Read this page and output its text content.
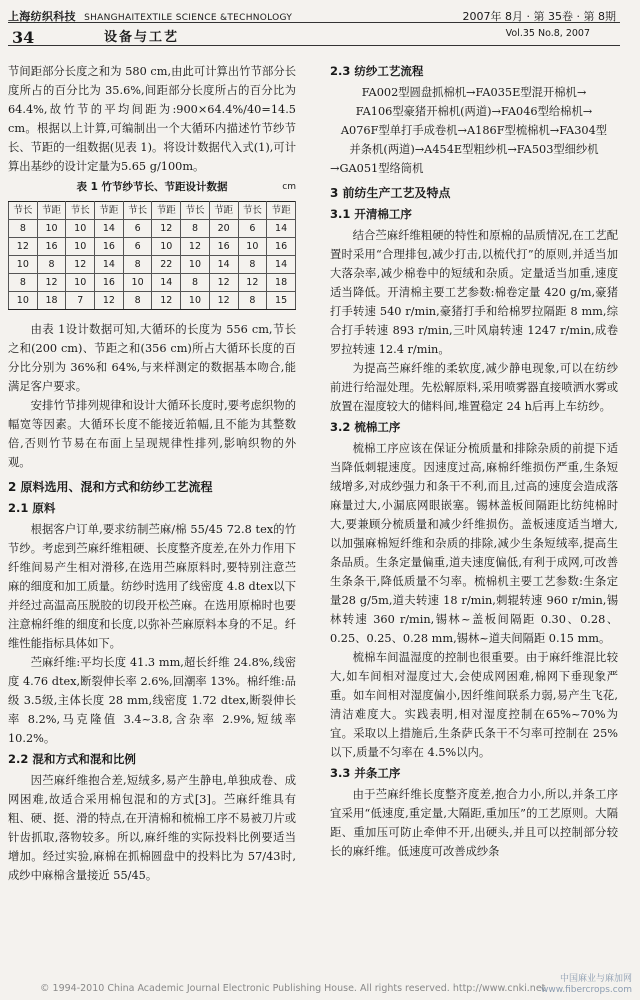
上海纺织科技 SHANGHAITEXTILE SCIENCE &TECHNOLOGY	2007年 8月 · 第 35卷 · 第 8期
34	设备与工艺	Vol.35 No.8, 2007

节间距部分长度之和为 580 cm,由此可计算出竹节部分长度所占的百分比为 35.6%,间距部分长度所占的百分比为 64.4%,故竹节的平均间距为:900×64.4%/40=14.5 cm。根据以上计算,可编制出一个大循环内描述竹节纱节长、节距的一组数据(见表 1)。将设计数据代入式(1),可计算出基纱的设计定量为5.65 g/100m。

表 1 竹节纱节长、节距设计数据	cm
节长	节距	节长	节距	节长	节距	节长	节距	节长	节距
8	10	10	14	6	12	8	20	6	14
12	16	10	16	6	10	12	16	10	16
10	8	12	14	8	22	10	14	8	14
8	12	10	16	10	14	8	12	12	18
10	18	7	12	8	12	10	12	8	15

由表 1设计数据可知,大循环的长度为 556 cm,节长之和(200 cm)、节距之和(356 cm)所占大循环长度的百分比分别为 36%和 64%,与来样测定的数据基本吻合,能满足客户要求。

安排竹节排列规律和设计大循环长度时,要考虑织物的幅宽等因素。大循环长度不能接近筘幅,且不能为其整数倍,否则竹节易在布面上呈现规律性排列,影响织物的外观。

2 原料选用、混和方式和纺纱工艺流程
2.1 原料

根据客户订单,要求纺制苎麻/棉 55/45 72.8 tex的竹节纱。考虑到苎麻纤维粗硬、长度整齐度差,在外力作用下纤维间易产生相对滑移,在选用苎麻原料时,要特别注意苎麻的细度和加工质量。纺纱时选用了线密度 4.8 dtex以下并经过高温高压脱胶的切段开松苎麻。在选用原棉时也要注意棉纤维的细度和长度,以弥补苎麻原料本身的不足。纤维性能指标具体如下。

苎麻纤维:平均长度 41.3 mm,超长纤维 24.8%,线密度 4.76 dtex,断裂伸长率 2.6%,回潮率 13%。棉纤维:品级 3.5级,主体长度 28 mm,线密度 1.72 dtex,断裂伸长率 8.2%,马克隆值 3.4~3.8,含杂率 2.9%,短绒率 10.2%。

2.2 混和方式和混和比例

因苎麻纤维抱合差,短绒多,易产生静电,单独成卷、成网困难,故适合采用棉包混和的方式[3]。苎麻纤维具有粗、硬、挺、滑的特点,在开清棉和梳棉工序不易被刀片或针齿抓取,落物较多。所以,麻纤维的实际投料比例要适当增加。经过实验,麻棉在抓棉圆盘中的投料比为 57/43时,成纱中麻棉含量接近 55/45。

2.3 纺纱工艺流程

FA002型圆盘抓棉机→FA035E型混开棉机→

FA106型豪猪开棉机(两道)→FA046型给棉机→

A076F型单打手成卷机→A186F型梳棉机→FA304型

并条机(两道)→A454E型粗纱机→FA503型细纱机

→GA051型络筒机

3 前纺生产工艺及特点
3.1 开清棉工序

结合苎麻纤维粗硬的特性和原棉的品质情况,在工艺配置时采用“合理排包,减少打击,以梳代打”的原则,并适当加大落杂率,减少棉卷中的短绒和杂质。定量适当加重,速度适当降低。开清棉主要工艺参数:棉卷定量 420 g/m,豪猪打手转速 540 r/min,豪猪打手和给棉罗拉隔距 8 mm,综合打手转速 893 r/min,三叶风扇转速 1247 r/min,成卷罗拉转速 12.4 r/min。

为提高苎麻纤维的柔软度,减少静电现象,可以在纺纱前进行给湿处理。先松解原料,采用喷雾器直接喷洒水雾或放置在湿度较大的储料间,堆置稳定 24 h后再上车纺纱。

3.2 梳棉工序

梳棉工序应该在保证分梳质量和排除杂质的前提下适当降低刺辊速度。因速度过高,麻棉纤维损伤严重,生条短绒增多,对成纱强力和条干不利,而且,过高的速度会造成落麻量过大,小漏底网眼嵌塞。锡林盖板间隔距比纺纯棉时大,要兼顾分梳质量和减少纤维损伤。盖板速度适当增大,以加强麻棉短纤维和杂质的排除,减少生条短绒率,提高生条品质。生条定量偏重,道夫速度偏低,有利于成网,可改善生条条干,降低质量不匀率。梳棉机主要工艺参数:生条定量28 g/5m,道夫转速 18 r/min,刺辊转速 960 r/min,锡林转速 360 r/min,锡林~盖板间隔距 0.30、0.28、0.25、0.25、0.28 mm,锡林~道夫间隔距 0.15 mm。

梳棉车间温湿度的控制也很重要。由于麻纤维混比较大,如车间相对湿度过大,会使成网困难,棉网下垂现象严重。如车间相对湿度偏小,因纤维间联系力弱,易产生飞花,清洁难度大。实践表明,相对湿度控制在65%~70%为宜。采取以上措施后,生条萨氏条干不匀率可控制在 25%以下,质量不匀率在 4.5%以内。

3.3 并条工序

由于苎麻纤维长度整齐度差,抱合力小,所以,并条工序宜采用“低速度,重定量,大隔距,重加压”的工艺原则。大隔距、重加压可防止牵伸不开,出硬头,并且可以控制部分较长的麻纤维。低速度可改善成纱条

© 1994-2010 China Academic Journal Electronic Publishing House. All rights reserved. http://www.cnki.net
中国麻业与麻加网
www.fibercrops.com
